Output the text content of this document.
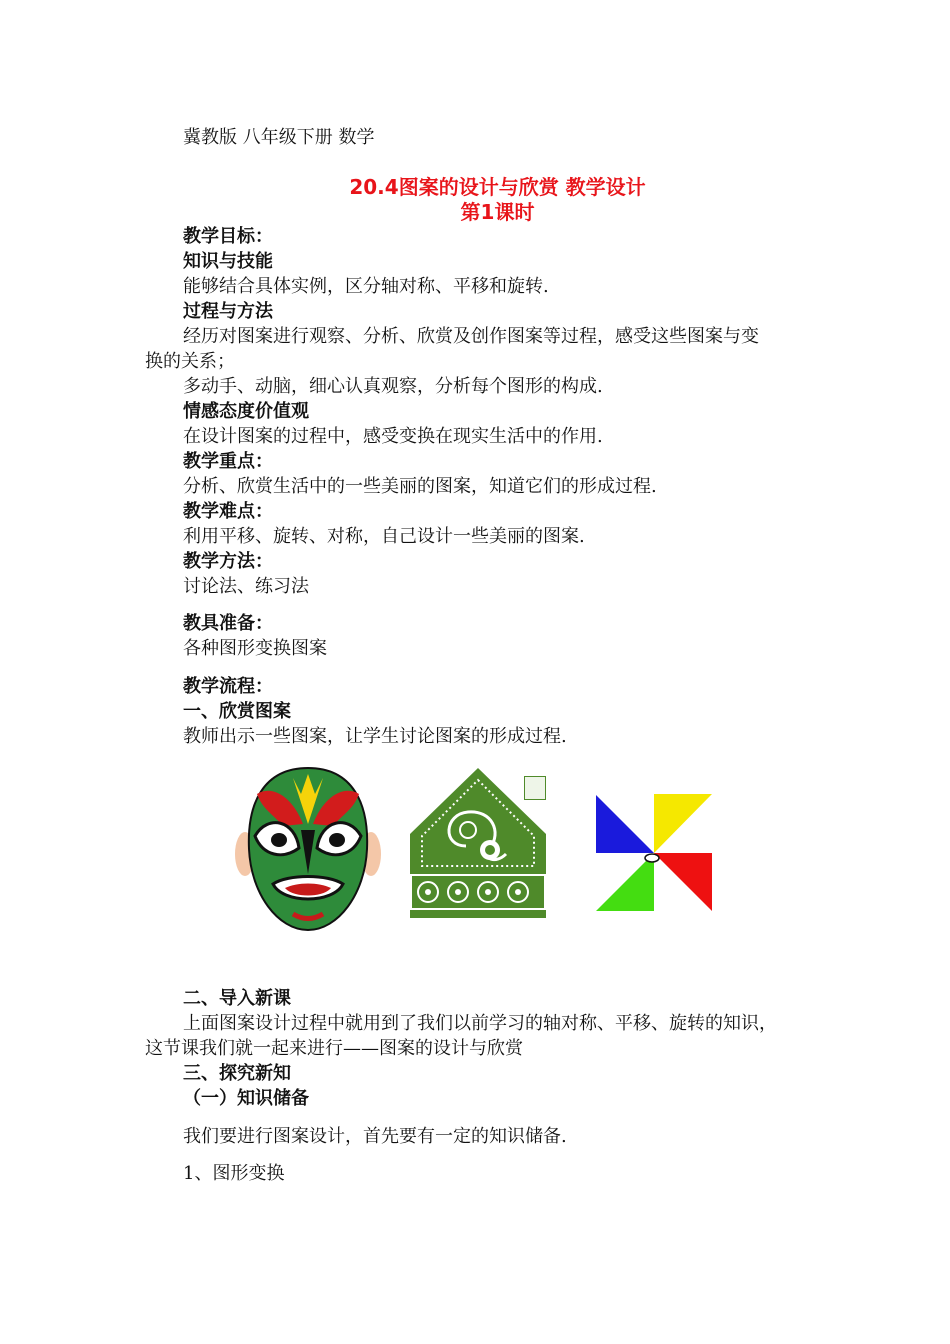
冀教版 八年级下册 数学
20.4图案的设计与欣赏 教学设计
第1课时
教学目标：
知识与技能
能够结合具体实例，区分轴对称、平移和旋转.
过程与方法
经历对图案进行观察、分析、欣赏及创作图案等过程，感受这些图案与变
换的关系；
多动手、动脑，细心认真观察，分析每个图形的构成.
情感态度价值观
在设计图案的过程中，感受变换在现实生活中的作用.
教学重点：
分析、欣赏生活中的一些美丽的图案，知道它们的形成过程.
教学难点：
利用平移、旋转、对称，自己设计一些美丽的图案.
教学方法：
讨论法、练习法
教具准备：
各种图形变换图案
教学流程：
一、欣赏图案
教师出示一些图案，让学生讨论图案的形成过程.
二、导入新课
上面图案设计过程中就用到了我们以前学习的轴对称、平移、旋转的知识，
这节课我们就一起来进行——图案的设计与欣赏
三、探究新知
（一）知识储备
我们要进行图案设计，首先要有一定的知识储备.
1、图形变换
